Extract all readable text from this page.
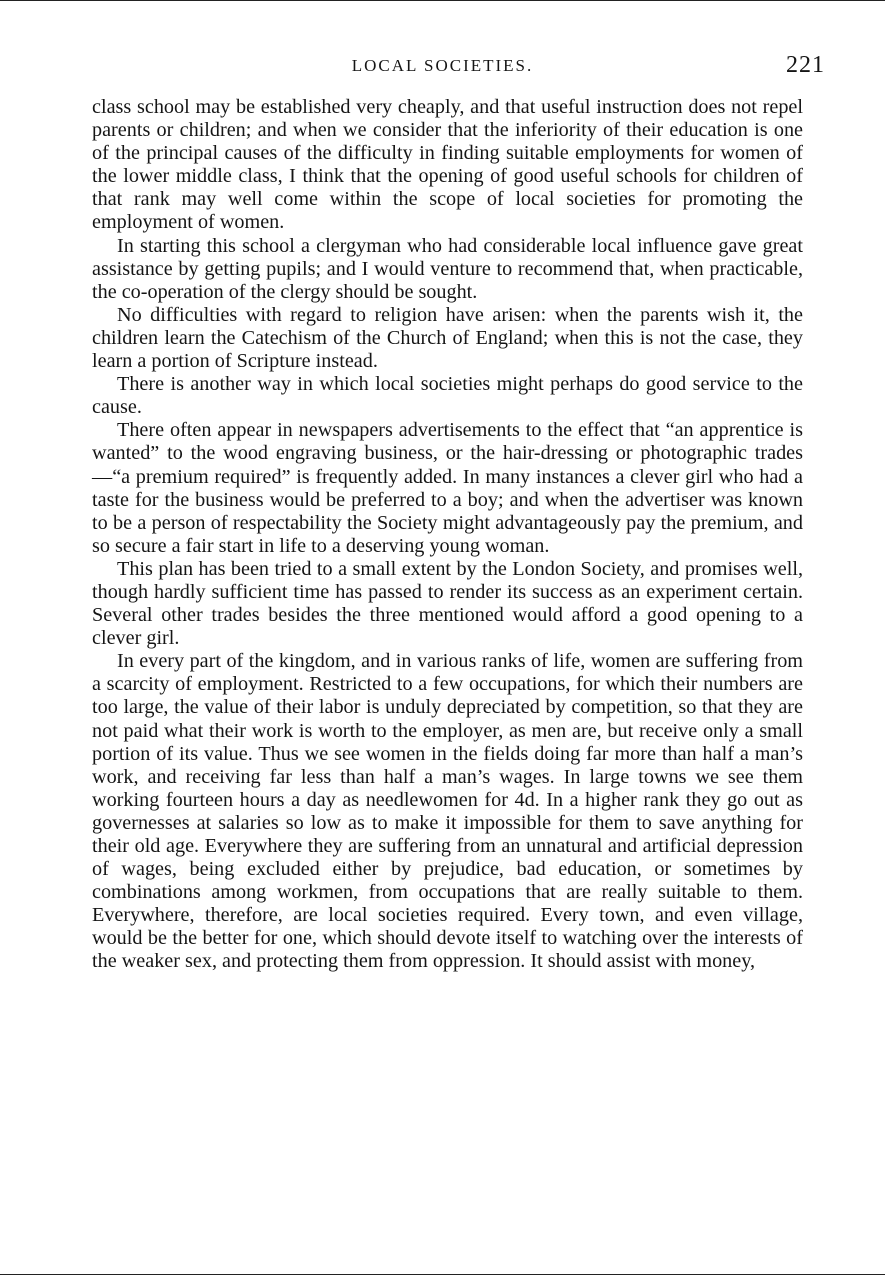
LOCAL SOCIETIES.	221

class school may be established very cheaply, and that useful instruction does not repel parents or children; and when we consider that the inferiority of their education is one of the principal causes of the difficulty in finding suitable employments for women of the lower middle class, I think that the opening of good useful schools for children of that rank may well come within the scope of local societies for promoting the employment of women.

In starting this school a clergyman who had considerable local influence gave great assistance by getting pupils; and I would venture to recommend that, when practicable, the co-operation of the clergy should be sought.

No difficulties with regard to religion have arisen: when the parents wish it, the children learn the Catechism of the Church of England; when this is not the case, they learn a portion of Scripture instead.

There is another way in which local societies might perhaps do good service to the cause.

There often appear in newspapers advertisements to the effect that “an apprentice is wanted” to the wood engraving business, or the hair-dressing or photographic trades—“a premium required” is frequently added. In many instances a clever girl who had a taste for the business would be preferred to a boy; and when the advertiser was known to be a person of respectability the Society might advantageously pay the premium, and so secure a fair start in life to a deserving young woman.

This plan has been tried to a small extent by the London Society, and promises well, though hardly sufficient time has passed to render its success as an experiment certain. Several other trades besides the three mentioned would afford a good opening to a clever girl.

In every part of the kingdom, and in various ranks of life, women are suffering from a scarcity of employment. Restricted to a few occupations, for which their numbers are too large, the value of their labor is unduly depreciated by competition, so that they are not paid what their work is worth to the employer, as men are, but receive only a small portion of its value. Thus we see women in the fields doing far more than half a man’s work, and receiving far less than half a man’s wages. In large towns we see them working fourteen hours a day as needlewomen for 4d. In a higher rank they go out as governesses at salaries so low as to make it impossible for them to save anything for their old age. Everywhere they are suffering from an unnatural and artificial depression of wages, being excluded either by prejudice, bad education, or sometimes by combinations among workmen, from occupations that are really suitable to them. Everywhere, therefore, are local societies required. Every town, and even village, would be the better for one, which should devote itself to watching over the interests of the weaker sex, and protecting them from oppression. It should assist with money,
